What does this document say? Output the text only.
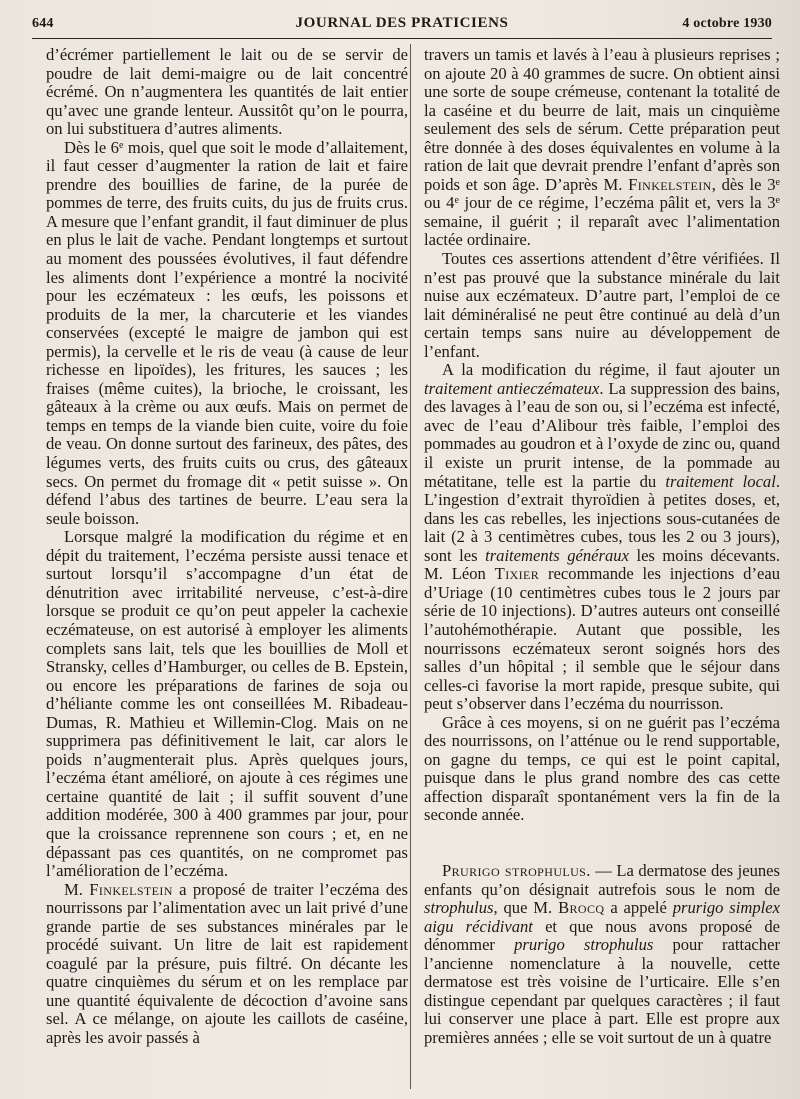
644	JOURNAL DES PRATICIENS	4 octobre 1930

d’écrémer partiellement le lait ou de se servir de poudre de lait demi-maigre ou de lait concentré écrémé. On n’augmentera les quantités de lait entier qu’avec une grande lenteur. Aussitôt qu’on le pourra, on lui substituera d’autres aliments.

Dès le 6e mois, quel que soit le mode d’allaitement, il faut cesser d’augmenter la ration de lait et faire prendre des bouillies de farine, de la purée de pommes de terre, des fruits cuits, du jus de fruits crus. A mesure que l’enfant grandit, il faut diminuer de plus en plus le lait de vache. Pendant longtemps et surtout au moment des poussées évolutives, il faut défendre les aliments dont l’expérience a montré la nocivité pour les eczémateux : les œufs, les poissons et produits de la mer, la charcuterie et les viandes conservées (excepté le maigre de jambon qui est permis), la cervelle et le ris de veau (à cause de leur richesse en lipoïdes), les fritures, les sauces ; les fraises (même cuites), la brioche, le croissant, les gâteaux à la crème ou aux œufs. Mais on permet de temps en temps de la viande bien cuite, voire du foie de veau. On donne surtout des farineux, des pâtes, des légumes verts, des fruits cuits ou crus, des gâteaux secs. On permet du fromage dit « petit suisse ». On défend l’abus des tartines de beurre. L’eau sera la seule boisson.

Lorsque malgré la modification du régime et en dépit du traitement, l’eczéma persiste aussi tenace et surtout lorsqu’il s’accompagne d’un état de dénutrition avec irritabilité nerveuse, c’est-à-dire lorsque se produit ce qu’on peut appeler la cachexie eczémateuse, on est autorisé à employer les aliments complets sans lait, tels que les bouillies de Moll et Stransky, celles d’Hamburger, ou celles de B. Epstein, ou encore les préparations de farines de soja ou d’héliante comme les ont conseillées M. Ribadeau-Dumas, R. Mathieu et Willemin-Clog. Mais on ne supprimera pas définitivement le lait, car alors le poids n’augmenterait plus. Après quelques jours, l’eczéma étant amélioré, on ajoute à ces régimes une certaine quantité de lait ; il suffit souvent d’une addition modérée, 300 à 400 grammes par jour, pour que la croissance reprennene son cours ; et, en ne dépassant pas ces quantités, on ne compromet pas l’amélioration de l’eczéma.

M. Finkelstein a proposé de traiter l’eczéma des nourrissons par l’alimentation avec un lait privé d’une grande partie de ses substances minérales par le procédé suivant. Un litre de lait est rapidement coagulé par la présure, puis filtré. On décante les quatre cinquièmes du sérum et on les remplace par une quantité équivalente de décoction d’avoine sans sel. A ce mélange, on ajoute les caillots de caséine, après les avoir passés à

travers un tamis et lavés à l’eau à plusieurs reprises ; on ajoute 20 à 40 grammes de sucre. On obtient ainsi une sorte de soupe crémeuse, contenant la totalité de la caséine et du beurre de lait, mais un cinquième seulement des sels de sérum. Cette préparation peut être donnée à des doses équivalentes en volume à la ration de lait que devrait prendre l’enfant d’après son poids et son âge. D’après M. Finkelstein, dès le 3e ou 4e jour de ce régime, l’eczéma pâlit et, vers la 3e semaine, il guérit ; il reparaît avec l’alimentation lactée ordinaire.

Toutes ces assertions attendent d’être vérifiées. Il n’est pas prouvé que la substance minérale du lait nuise aux eczémateux. D’autre part, l’emploi de ce lait déminéralisé ne peut être continué au delà d’un certain temps sans nuire au développement de l’enfant.

A la modification du régime, il faut ajouter un traitement antieczémateux. La suppression des bains, des lavages à l’eau de son ou, si l’eczéma est infecté, avec de l’eau d’Alibour très faible, l’emploi des pommades au goudron et à l’oxyde de zinc ou, quand il existe un prurit intense, de la pommade au métatitane, telle est la partie du traitement local. L’ingestion d’extrait thyroïdien à petites doses, et, dans les cas rebelles, les injections sous-cutanées de lait (2 à 3 centimètres cubes, tous les 2 ou 3 jours), sont les traitements généraux les moins décevants. M. Léon Tixier recommande les injections d’eau d’Uriage (10 centimètres cubes tous le 2 jours par série de 10 injections). D’autres auteurs ont conseillé l’autohémothérapie. Autant que possible, les nourrissons eczémateux seront soignés hors des salles d’un hôpital ; il semble que le séjour dans celles-ci favorise la mort rapide, presque subite, qui peut s’observer dans l’eczéma du nourrisson.

Grâce à ces moyens, si on ne guérit pas l’eczéma des nourrissons, on l’atténue ou le rend supportable, on gagne du temps, ce qui est le point capital, puisque dans le plus grand nombre des cas cette affection disparaît spontanément vers la fin de la seconde année.

Prurigo strophulus. — La dermatose des jeunes enfants qu’on désignait autrefois sous le nom de strophulus, que M. Brocq a appelé prurigo simplex aigu récidivant et que nous avons proposé de dénommer prurigo strophulus pour rattacher l’ancienne nomenclature à la nouvelle, cette dermatose est très voisine de l’urticaire. Elle s’en distingue cependant par quelques caractères ; il faut lui conserver une place à part. Elle est propre aux premières années ; elle se voit surtout de un à quatre
